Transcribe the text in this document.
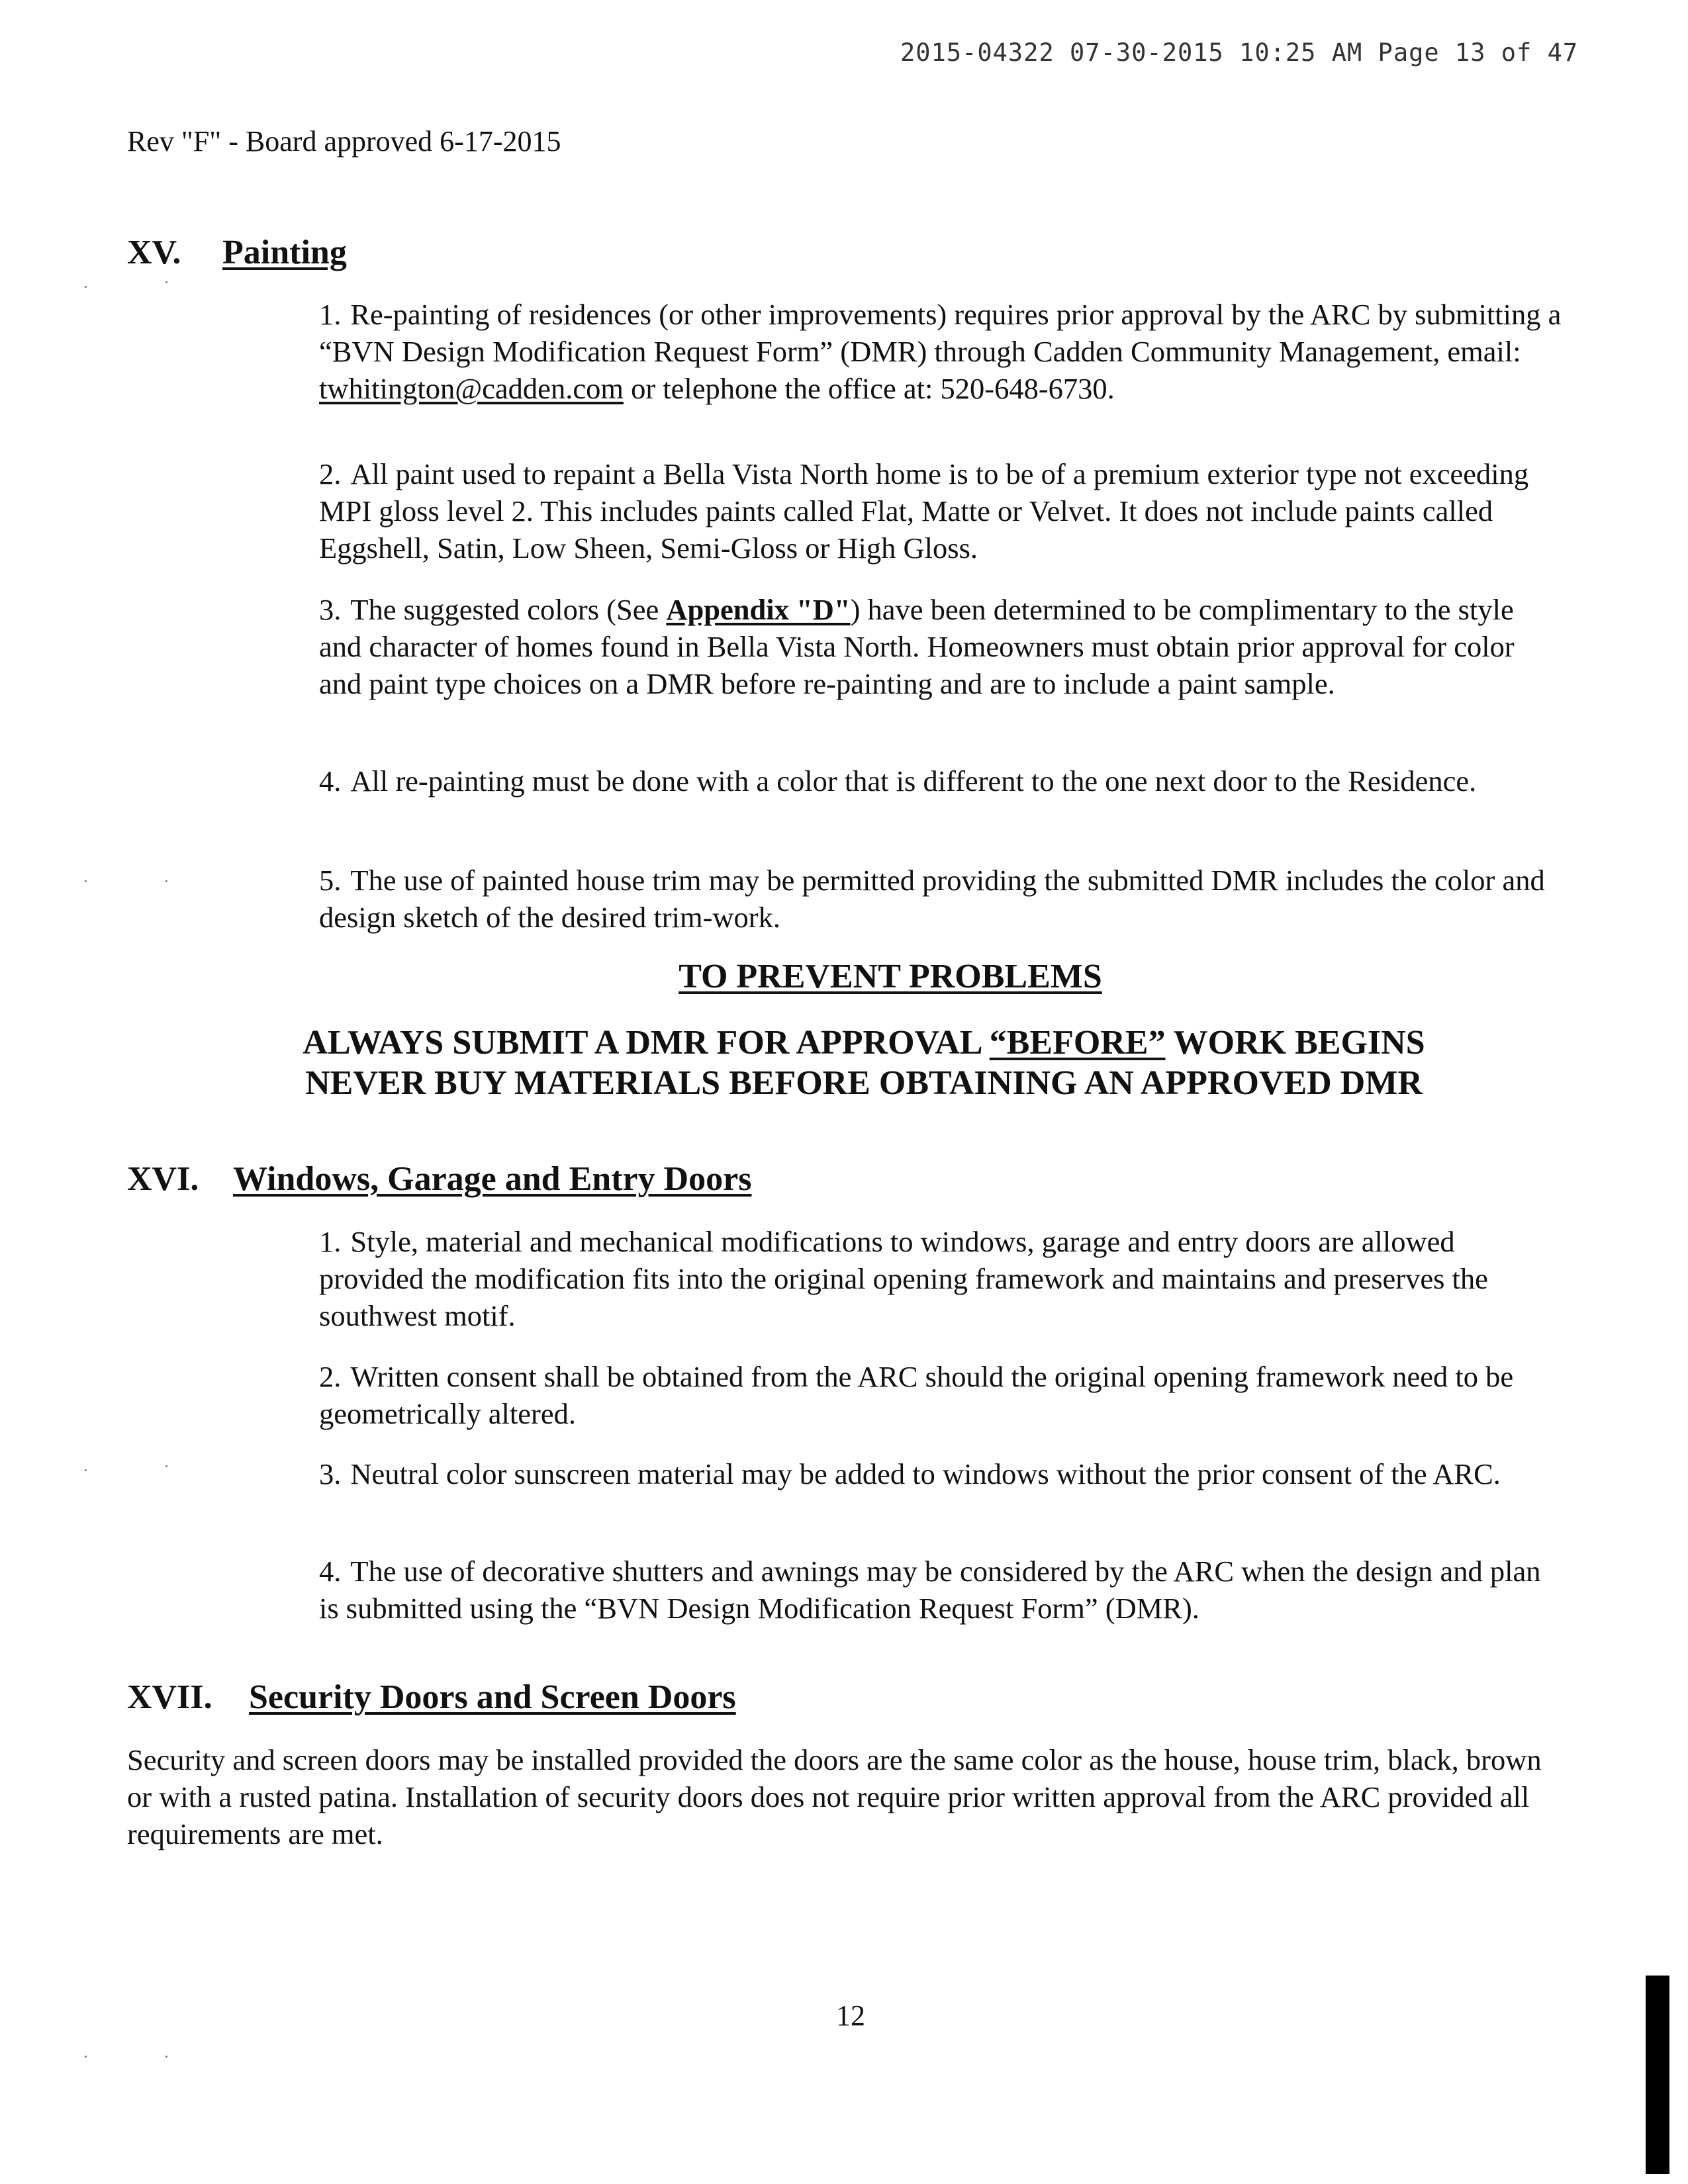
2015-04322 07-30-2015 10:25 AM Page 13 of 47
Rev "F" - Board approved 6-17-2015
XV. Painting
1. Re-painting of residences (or other improvements) requires prior approval by the ARC by submitting a “BVN Design Modification Request Form” (DMR) through Cadden Community Management, email: twhitington@cadden.com or telephone the office at: 520-648-6730.
2. All paint used to repaint a Bella Vista North home is to be of a premium exterior type not exceeding MPI gloss level 2. This includes paints called Flat, Matte or Velvet. It does not include paints called Eggshell, Satin, Low Sheen, Semi-Gloss or High Gloss.
3. The suggested colors (See Appendix "D") have been determined to be complimentary to the style and character of homes found in Bella Vista North. Homeowners must obtain prior approval for color and paint type choices on a DMR before re-painting and are to include a paint sample.
4. All re-painting must be done with a color that is different to the one next door to the Residence.
5. The use of painted house trim may be permitted providing the submitted DMR includes the color and design sketch of the desired trim-work.
TO PREVENT PROBLEMS
ALWAYS SUBMIT A DMR FOR APPROVAL “BEFORE” WORK BEGINS
NEVER BUY MATERIALS BEFORE OBTAINING AN APPROVED DMR
XVI. Windows, Garage and Entry Doors
1. Style, material and mechanical modifications to windows, garage and entry doors are allowed provided the modification fits into the original opening framework and maintains and preserves the southwest motif.
2. Written consent shall be obtained from the ARC should the original opening framework need to be geometrically altered.
3. Neutral color sunscreen material may be added to windows without the prior consent of the ARC.
4. The use of decorative shutters and awnings may be considered by the ARC when the design and plan is submitted using the “BVN Design Modification Request Form” (DMR).
XVII. Security Doors and Screen Doors
Security and screen doors may be installed provided the doors are the same color as the house, house trim, black, brown or with a rusted patina. Installation of security doors does not require prior written approval from the ARC provided all requirements are met.
12
